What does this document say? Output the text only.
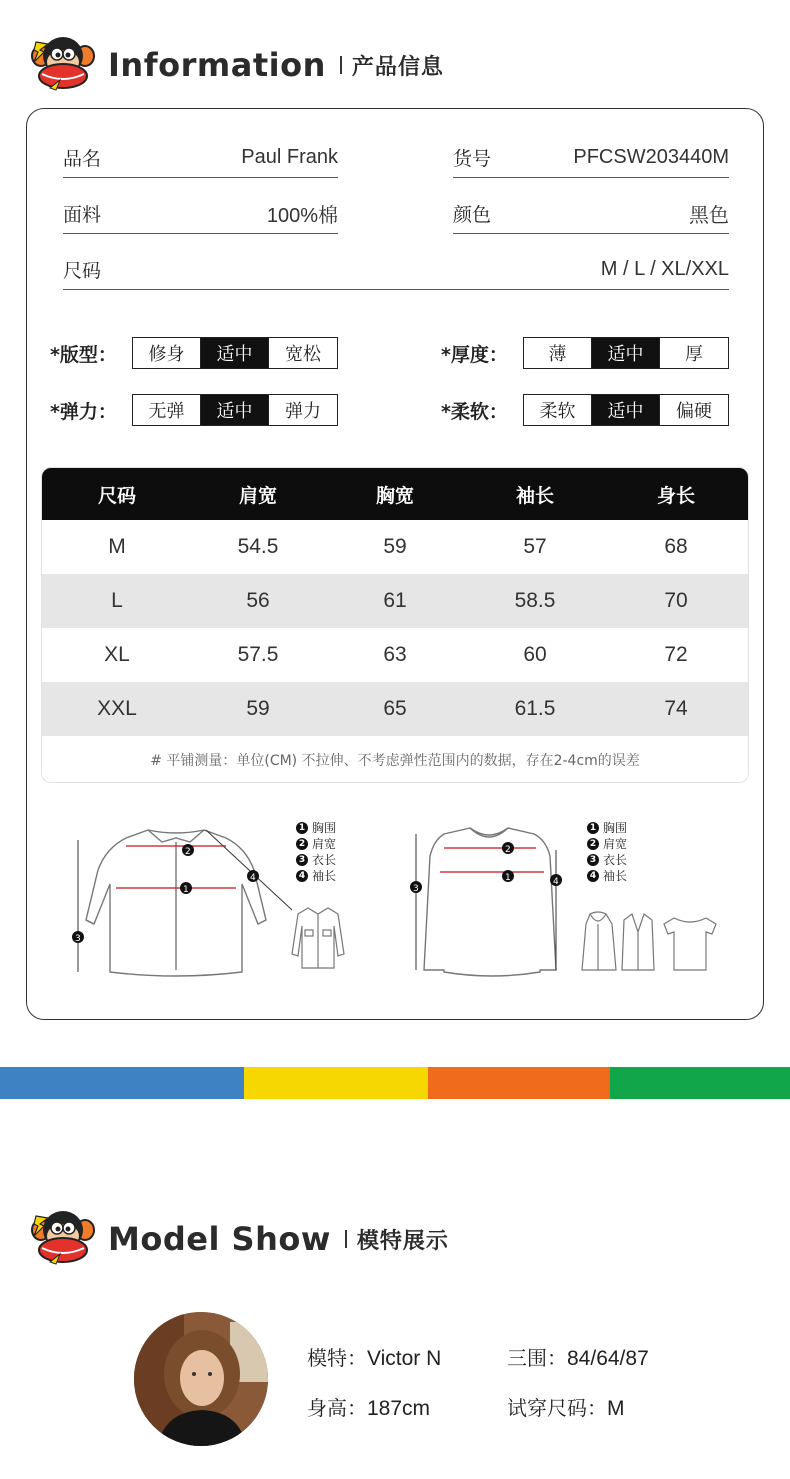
Information 产品信息
品名	Paul Frank	货号	PFCSW203440M
面料	100%棉	颜色	黑色
尺码	M / L / XL/XXL
*版型：	修身	适中	宽松	*厚度：	薄	适中	厚
*弹力：	无弹	适中	弹力	*柔软：	柔软	适中	偏硬
尺码	肩宽	胸宽	袖长	身长
M	54.5	59	57	68
L	56	61	58.5	70
XL	57.5	63	60	72
XXL	59	65	61.5	74
# 平铺测量：单位(CM) 不拉伸、不考虑弹性范围内的数据，存在2-4cm的误差
1
2
3
4	1
2
3
4
1 胸围
2 肩宽
3 衣长
4 袖长
1 胸围
2 肩宽
3 衣长
4 袖长
Model Show 模特展示
模特：Victor N	三围：84/64/87
身高：187cm	试穿尺码：M
